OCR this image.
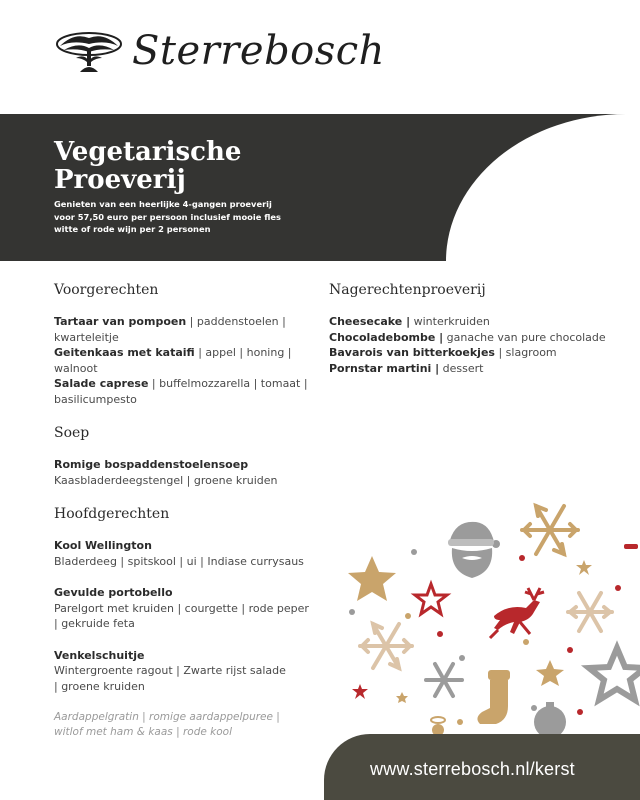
Sterrebosch
Vegetarische
Proeverij
Genieten van een heerlijke 4-gangen proeverij voor 57,50 euro per persoon inclusief mooie fles witte of rode wijn per 2 personen
Voorgerechten
Tartaar van pompoen | paddenstoelen | kwarteleitje
Geitenkaas met kataifi | appel | honing | walnoot
Salade caprese | buffelmozzarella | tomaat | basilicumpesto
Soep
Romige bospaddenstoelensoep
Kaasbladerdeegstengel | groene kruiden
Hoofdgerechten
Kool Wellington
Bladerdeeg | spitskool | ui | Indiase currysaus
Gevulde portobello
Parelgort met kruiden | courgette | rode peper | gekruide feta
Venkelschuitje
Wintergroente ragout | Zwarte rijst salade | groene kruiden
Aardappelgratin | romige aardappelpuree | witlof met ham & kaas | rode kool
Nagerechtenproeverij
Cheesecake | winterkruiden
Chocoladebombe | ganache van pure chocolade
Bavarois van bitterkoekjes | slagroom
Pornstar martini | dessert
www.sterrebosch.nl/kerst
